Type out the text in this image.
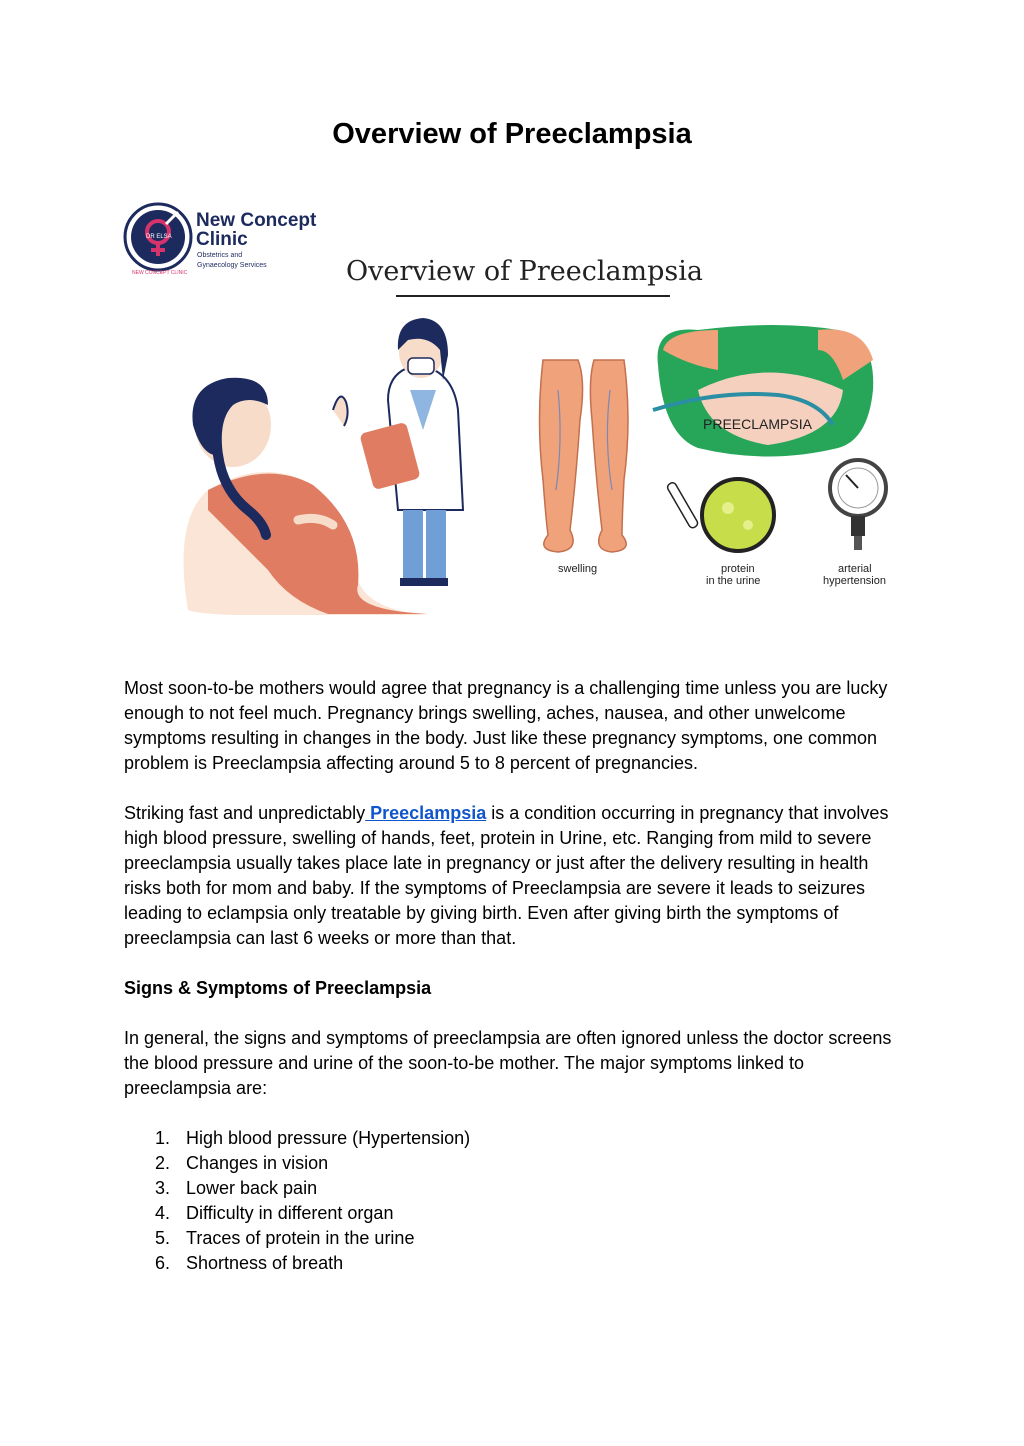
Overview of Preeclampsia
DR ELSA
NEW CONCEPT CLINIC
New Concept
Clinic
Obstetrics and
Gynaecology Services	Overview of Preeclampsia
swelling
PREECLAMPSIA
protein
in the urine
arterial
hypertension

Most soon-to-be mothers would agree that pregnancy is a challenging time unless you are lucky enough to not feel much. Pregnancy brings swelling, aches, nausea, and other unwelcome symptoms resulting in changes in the body. Just like these pregnancy symptoms, one common problem is Preeclampsia affecting around 5 to 8 percent of pregnancies.

Striking fast and unpredictably Preeclampsia is a condition occurring in pregnancy that involves high blood pressure, swelling of hands, feet, protein in Urine, etc. Ranging from mild to severe preeclampsia usually takes place late in pregnancy or just after the delivery resulting in health risks both for mom and baby. If the symptoms of Preeclampsia are severe it leads to seizures leading to eclampsia only treatable by giving birth. Even after giving birth the symptoms of preeclampsia can last 6 weeks or more than that.

Signs & Symptoms of Preeclampsia

In general, the signs and symptoms of preeclampsia are often ignored unless the doctor screens the blood pressure and urine of the soon-to-be mother. The major symptoms linked to preeclampsia are:

1. High blood pressure (Hypertension)
2. Changes in vision
3. Lower back pain
4. Difficulty in different organ
5. Traces of protein in the urine
6. Shortness of breath
